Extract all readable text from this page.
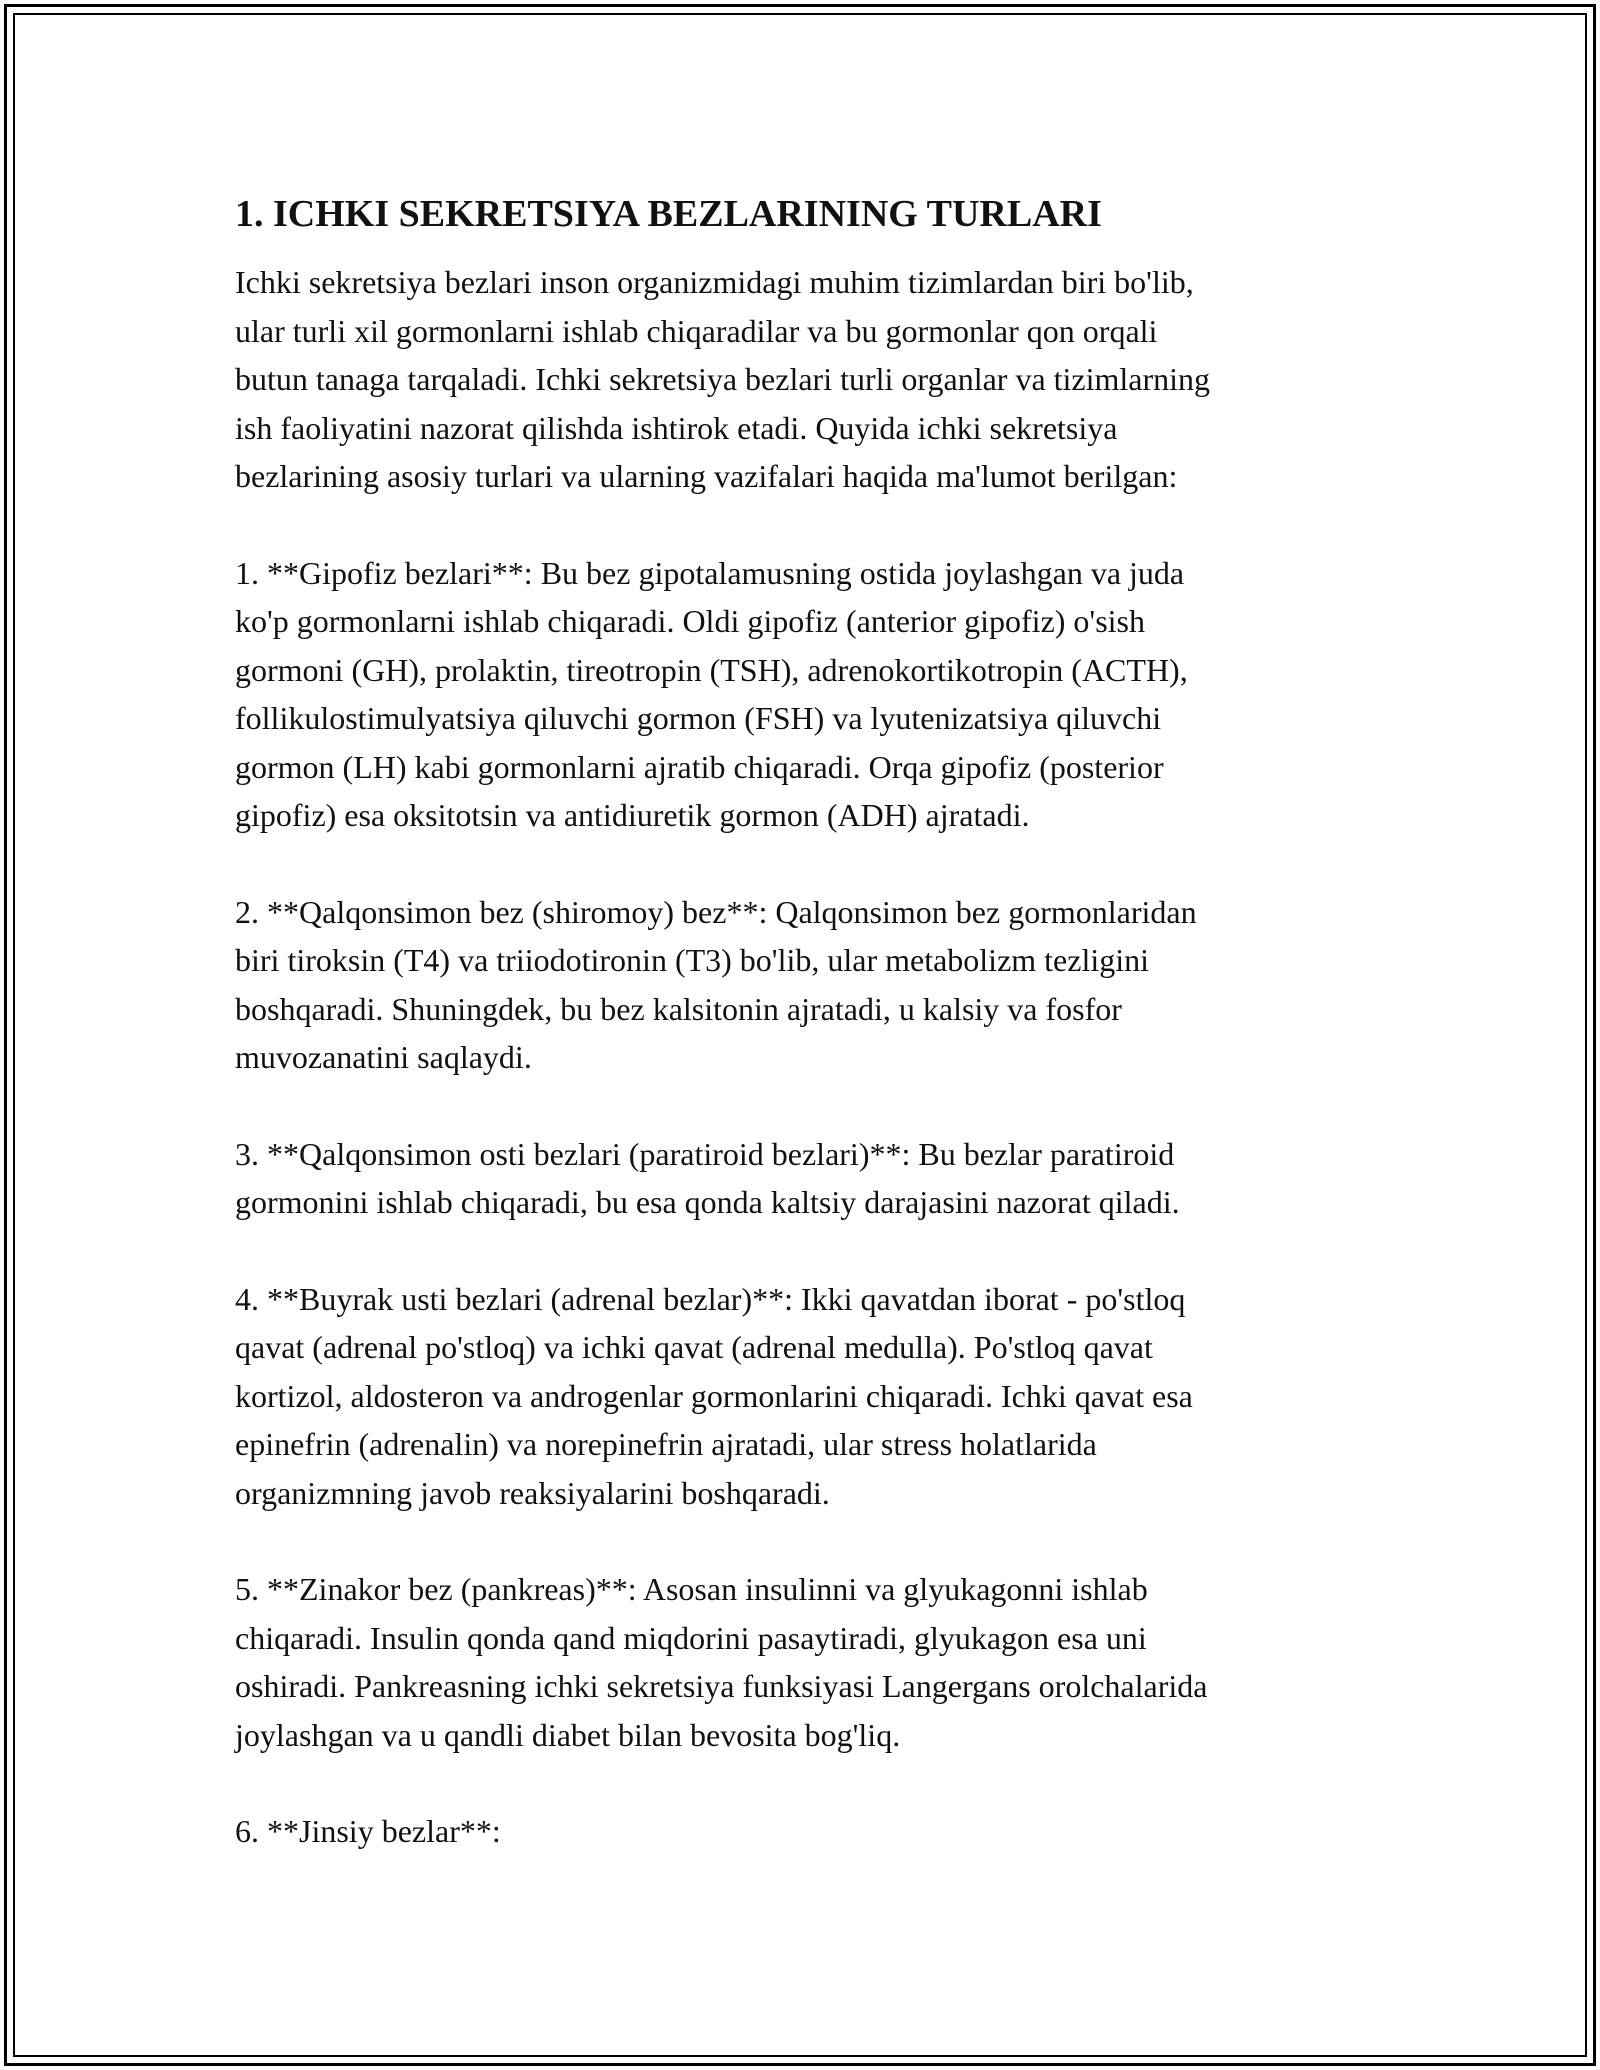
1. ICHKI SEKRETSIYA BEZLARINING TURLARI

Ichki sekretsiya bezlari inson organizmidagi muhim tizimlardan biri bo'lib,
ular turli xil gormonlarni ishlab chiqaradilar va bu gormonlar qon orqali
butun tanaga tarqaladi. Ichki sekretsiya bezlari turli organlar va tizimlarning
ish faoliyatini nazorat qilishda ishtirok etadi. Quyida ichki sekretsiya
bezlarining asosiy turlari va ularning vazifalari haqida ma'lumot berilgan:

1. **Gipofiz bezlari**: Bu bez gipotalamusning ostida joylashgan va juda
ko'p gormonlarni ishlab chiqaradi. Oldi gipofiz (anterior gipofiz) o'sish
gormoni (GH), prolaktin, tireotropin (TSH), adrenokortikotropin (ACTH),
follikulostimulyatsiya qiluvchi gormon (FSH) va lyutenizatsiya qiluvchi
gormon (LH) kabi gormonlarni ajratib chiqaradi. Orqa gipofiz (posterior
gipofiz) esa oksitotsin va antidiuretik gormon (ADH) ajratadi.

2. **Qalqonsimon bez (shiromoy) bez**: Qalqonsimon bez gormonlaridan
biri tiroksin (T4) va triiodotironin (T3) bo'lib, ular metabolizm tezligini
boshqaradi. Shuningdek, bu bez kalsitonin ajratadi, u kalsiy va fosfor
muvozanatini saqlaydi.

3. **Qalqonsimon osti bezlari (paratiroid bezlari)**: Bu bezlar paratiroid
gormonini ishlab chiqaradi, bu esa qonda kaltsiy darajasini nazorat qiladi.

4. **Buyrak usti bezlari (adrenal bezlar)**: Ikki qavatdan iborat - po'stloq
qavat (adrenal po'stloq) va ichki qavat (adrenal medulla). Po'stloq qavat
kortizol, aldosteron va androgenlar gormonlarini chiqaradi. Ichki qavat esa
epinefrin (adrenalin) va norepinefrin ajratadi, ular stress holatlarida
organizmning javob reaksiyalarini boshqaradi.

5. **Zinakor bez (pankreas)**: Asosan insulinni va glyukagonni ishlab
chiqaradi. Insulin qonda qand miqdorini pasaytiradi, glyukagon esa uni
oshiradi. Pankreasning ichki sekretsiya funksiyasi Langergans orolchalarida
joylashgan va u qandli diabet bilan bevosita bog'liq.

6. **Jinsiy bezlar**:
